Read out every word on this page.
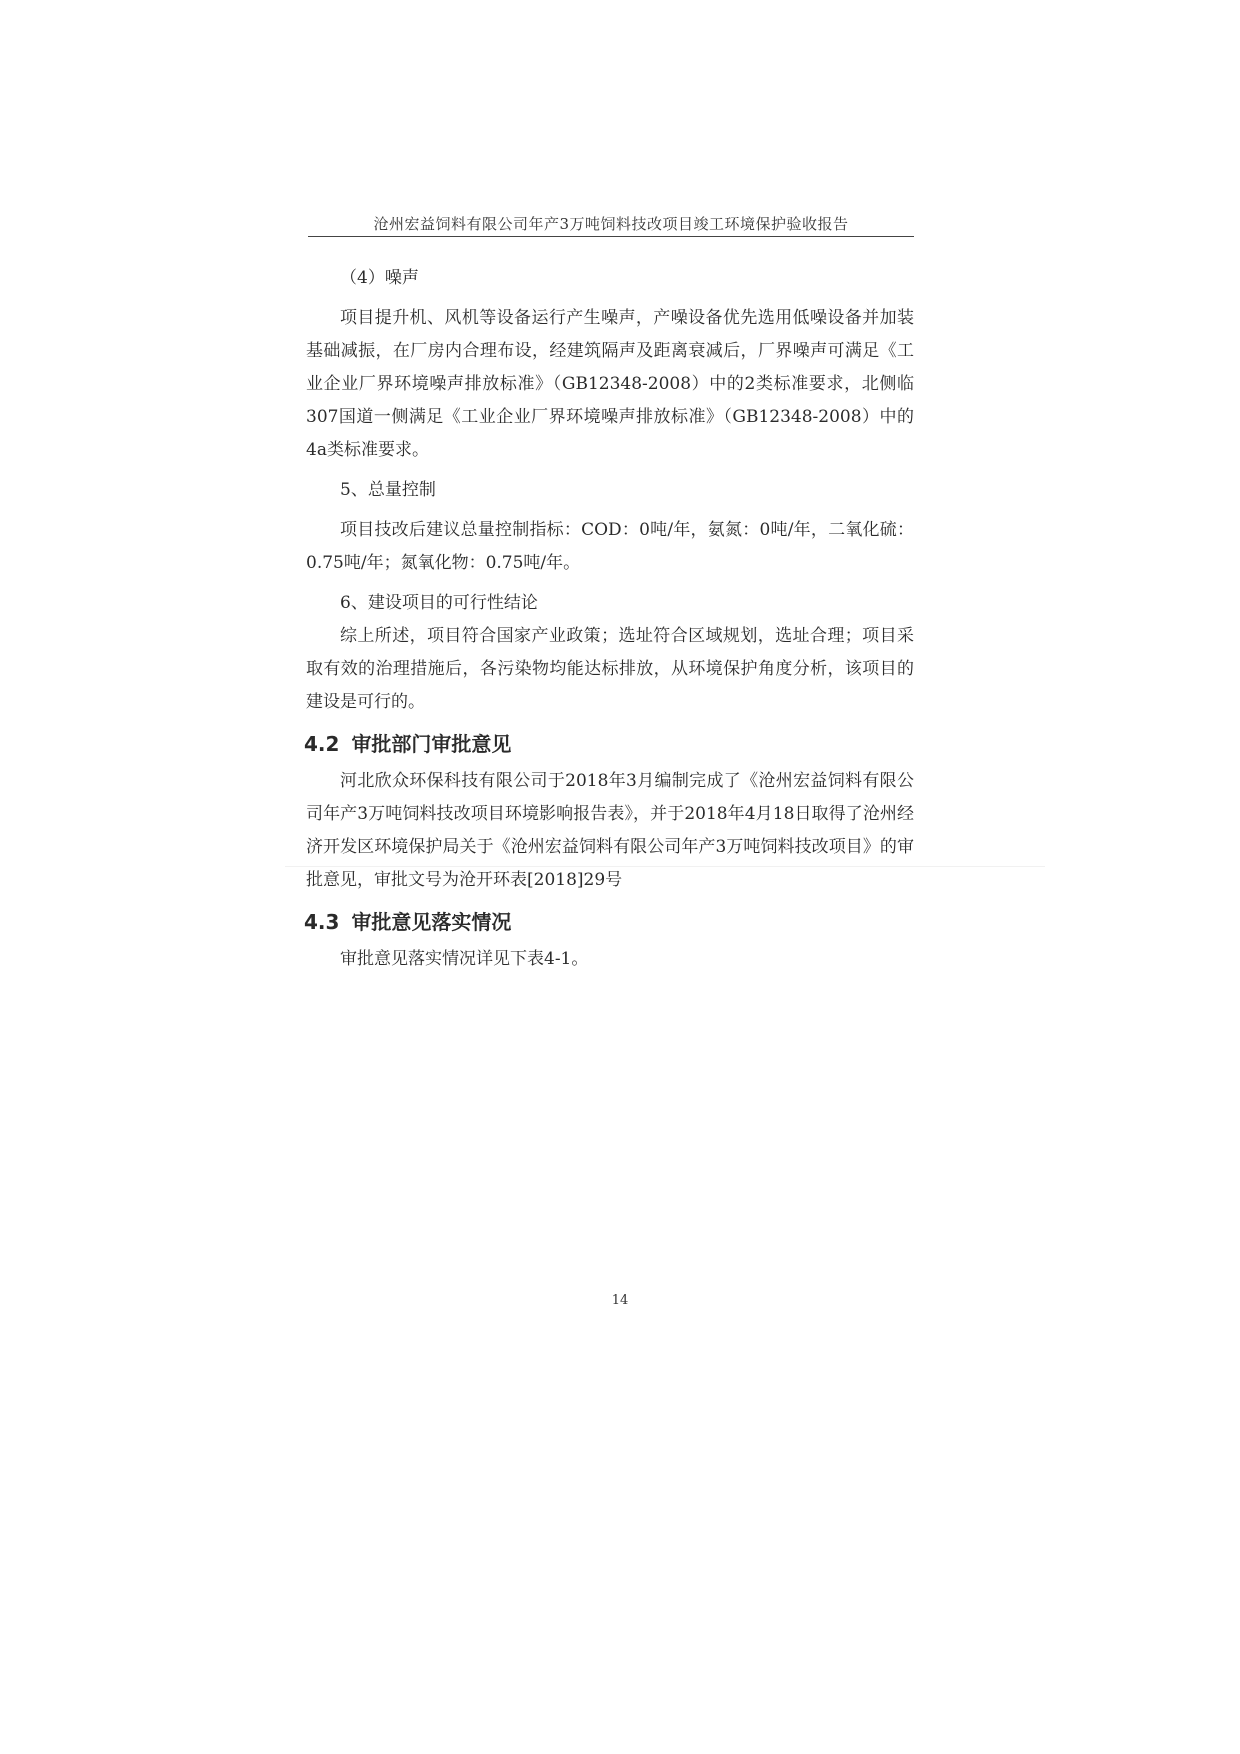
沧州宏益饲料有限公司年产3万吨饲料技改项目竣工环境保护验收报告

（4）噪声

项目提升机、风机等设备运行产生噪声，产噪设备优先选用低噪设备并加装基础减振，在厂房内合理布设，经建筑隔声及距离衰减后，厂界噪声可满足《工业企业厂界环境噪声排放标准》（GB12348-2008）中的2类标准要求，北侧临307国道一侧满足《工业企业厂界环境噪声排放标准》（GB12348-2008）中的4a类标准要求。

5、总量控制

项目技改后建议总量控制指标：COD：0吨/年，氨氮：0吨/年，二氧化硫：0.75吨/年；氮氧化物：0.75吨/年。

6、建设项目的可行性结论

综上所述，项目符合国家产业政策；选址符合区域规划，选址合理；项目采取有效的治理措施后，各污染物均能达标排放，从环境保护角度分析，该项目的建设是可行的。

4.2 审批部门审批意见

河北欣众环保科技有限公司于2018年3月编制完成了《沧州宏益饲料有限公司年产3万吨饲料技改项目环境影响报告表》，并于2018年4月18日取得了沧州经济开发区环境保护局关于《沧州宏益饲料有限公司年产3万吨饲料技改项目》的审批意见，审批文号为沧开环表[2018]29号

4.3 审批意见落实情况

审批意见落实情况详见下表4-1。

14
